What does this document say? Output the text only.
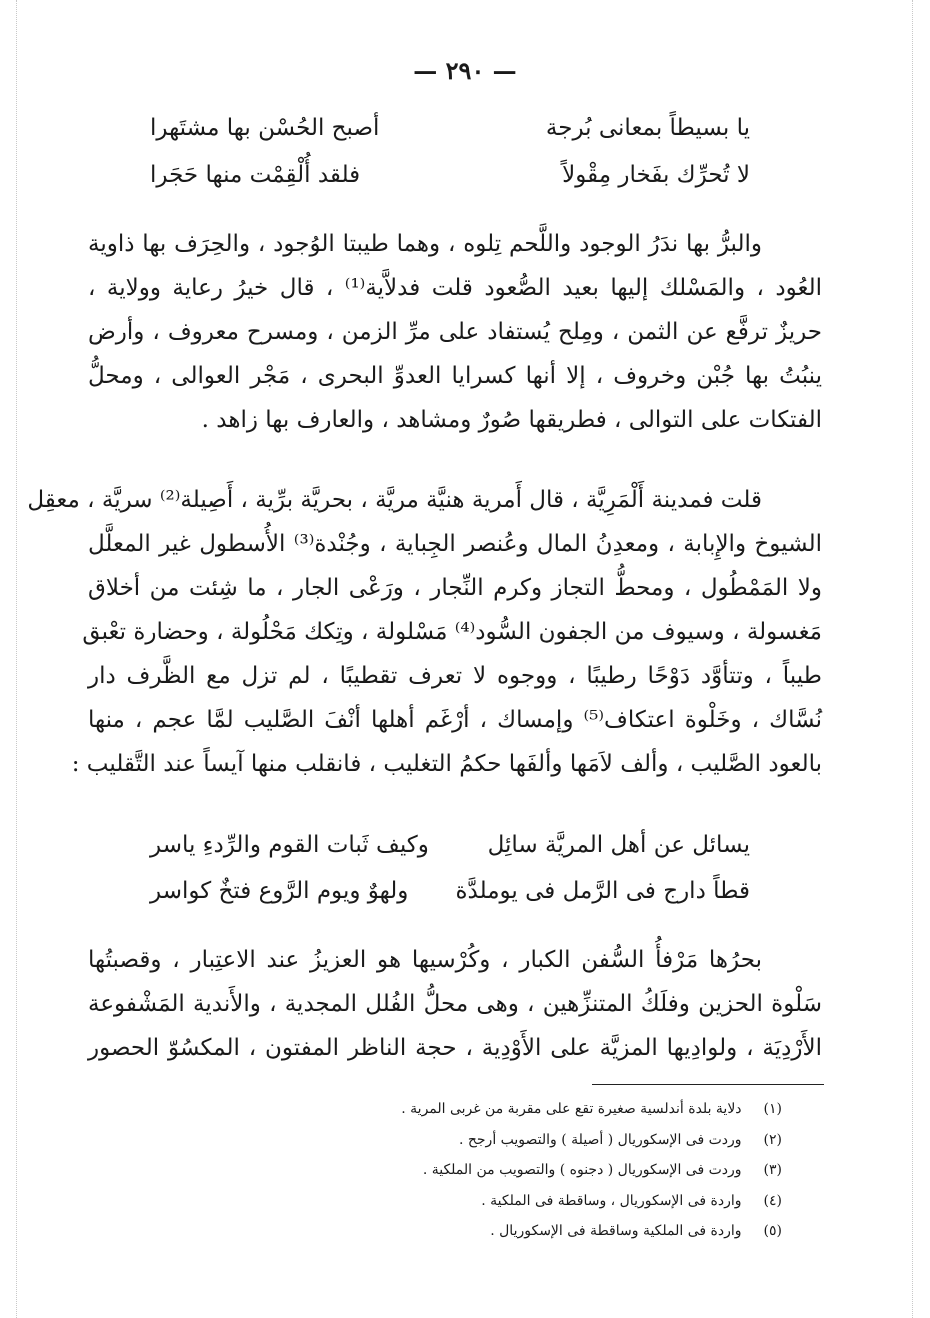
— ٢٩٠ —
يا بسيطاً بمعانى بُرجة
أصبح الحُسْن بها مشتَهرا
لا تُحرِّك بفَخار مِقْولاً
فلقد أُلْقِمْت منها حَجَرا
والبرُّ بها ندَرُ الوجود واللَّحم تِلوه ، وهما طيبتا الوُجود ، والحِرَف بها ذاوية
العُود ، والمَسْلك إليها بعيد الصُّعود قلت فدلاَّية⁽¹⁾ ، قال خيرُ رعاية وولاية ،
حريزٌ ترفَّع عن الثمن ، ومِلح يُستفاد على مرِّ الزمن ، ومسرح معروف ، وأرض
ينبُتُ بها جُبْن وخروف ، إلا أنها كسرايا العدوِّ البحرى ، مَجْر العوالى ، ومحلُّ
الفتكات على التوالى ، فطريقها صُورٌ ومشاهد ، والعارف بها زاهد .
قلت فمدينة أَلْمَرِيَّة ، قال أَمرية هنيَّة مريَّة ، بحريَّة برِّية ، أَصِيلة⁽²⁾ سريَّة ، معقِل
الشيوخ والإِبابة ، ومعدِنُ المال وعُنصر الجِباية ، وجُنْدة⁽³⁾ الأُسطول غير المعلَّل
ولا المَمْطُول ، ومحطُّ التجاز وكرم النِّجار ، ورَعْى الجار ، ما شِئت من أخلاق
مَغسولة ، وسيوف من الجفون السُّود⁽⁴⁾ مَسْلولة ، وتِكك مَحْلُولة ، وحضارة تعْبق
طيباً ، وتتأوَّد دَوْحًا رطيبًا ، ووجوه لا تعرف تقطيبًا ، لم تزل مع الظَّرف دار
نُسَّاك ، وخَلْوة اعتكاف⁽⁵⁾ وإمساك ، أرْغَم أهلها أنْفَ الصَّليب لمَّا عجم ، منها
بالعود الصَّليب ، وألف لاَمَها وألفَها حكمُ التغليب ، فانقلب منها آيساً عند التَّقليب :
يسائل عن أهل المريَّة سائِل
وكيف ثَبات القوم والرِّدءِ ياسر
قطاً دارج فى الرَّمل فى يوملدَّة
ولهوٌ ويوم الرَّوع فتخٌ كواسر
بحرُها مَرْفأُ السُّفن الكبار ، وكُرْسيها هو العزيزُ عند الاعتِبار ، وقصبتُها
سَلْوة الحزين وفلَكُ المتنزِّهين ، وهى محلُّ الفُلل المجدية ، والأَندية المَشْفوعة
الأَرْدِيَة ، ولوادِيها المزيَّة على الأَوْدِية ، حجة الناظر المفتون ، المكسُوّ الحصور
(١) دلاية بلدة أندلسية صغيرة تقع على مقربة من غربى المرية .
(٢) وردت فى الإسكوريال ( أصيلة ) والتصويب أرجح .
(٣) وردت فى الإسكوريال ( دجنوه ) والتصويب من الملكية .
(٤) واردة فى الإسكوريال ، وساقطة فى الملكية .
(٥) واردة فى الملكية وساقطة فى الإسكوريال .
